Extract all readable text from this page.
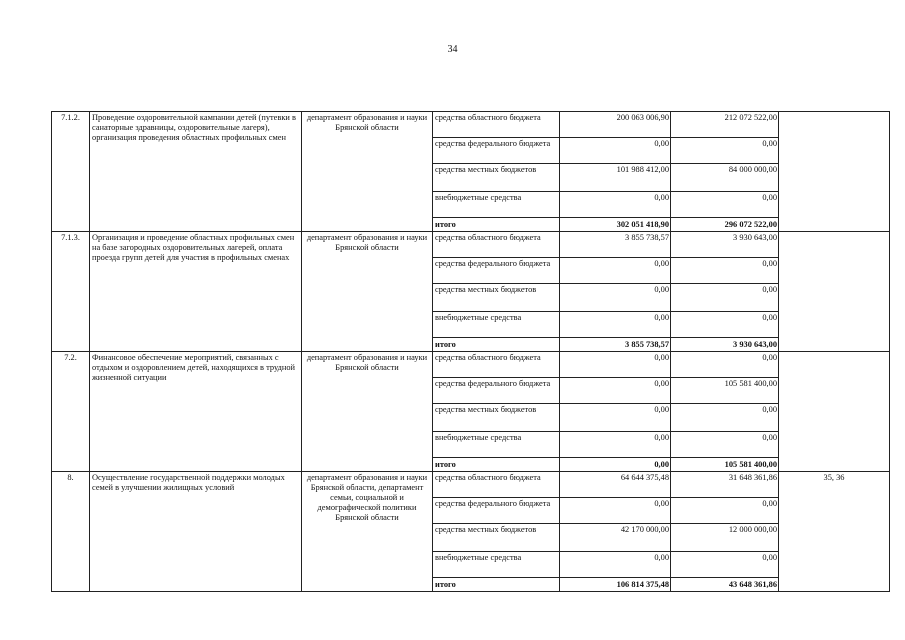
34
7.1.2.	Проведение оздоровительной кампании детей (путевки в санаторные здравницы, оздоровительные лагеря), организация проведения областных профильных смен	департамент образования и науки Брянской области	средства областного бюджета	200 063 006,90	212 072 522,00	
			средства федерального бюджета	0,00	0,00	
			средства местных бюджетов	101 988 412,00	84 000 000,00	
			внебюджетные средства	0,00	0,00	
			итого	302 051 418,90	296 072 522,00	
7.1.3.	Организация и проведение областных профильных смен на базе загородных оздоровительных лагерей, оплата проезда групп детей для участия в профильных сменах	департамент образования и науки Брянской области	средства областного бюджета	3 855 738,57	3 930 643,00	
			средства федерального бюджета	0,00	0,00	
			средства местных бюджетов	0,00	0,00	
			внебюджетные средства	0,00	0,00	
			итого	3 855 738,57	3 930 643,00	
7.2.	Финансовое обеспечение мероприятий, связанных с отдыхом и оздоровлением детей, находящихся в трудной жизненной ситуации	департамент образования и науки Брянской области	средства областного бюджета	0,00	0,00	
			средства федерального бюджета	0,00	105 581 400,00	
			средства местных бюджетов	0,00	0,00	
			внебюджетные средства	0,00	0,00	
			итого	0,00	105 581 400,00	
8.	Осуществление государственной поддержки молодых семей в улучшении жилищных условий	департамент образования и науки Брянской области, департамент семьи, социальной и демографической политики Брянской области	средства областного бюджета	64 644 375,48	31 648 361,86	35, 36
			средства федерального бюджета	0,00	0,00	
			средства местных бюджетов	42 170 000,00	12 000 000,00	
			внебюджетные средства	0,00	0,00	
			итого	106 814 375,48	43 648 361,86	
